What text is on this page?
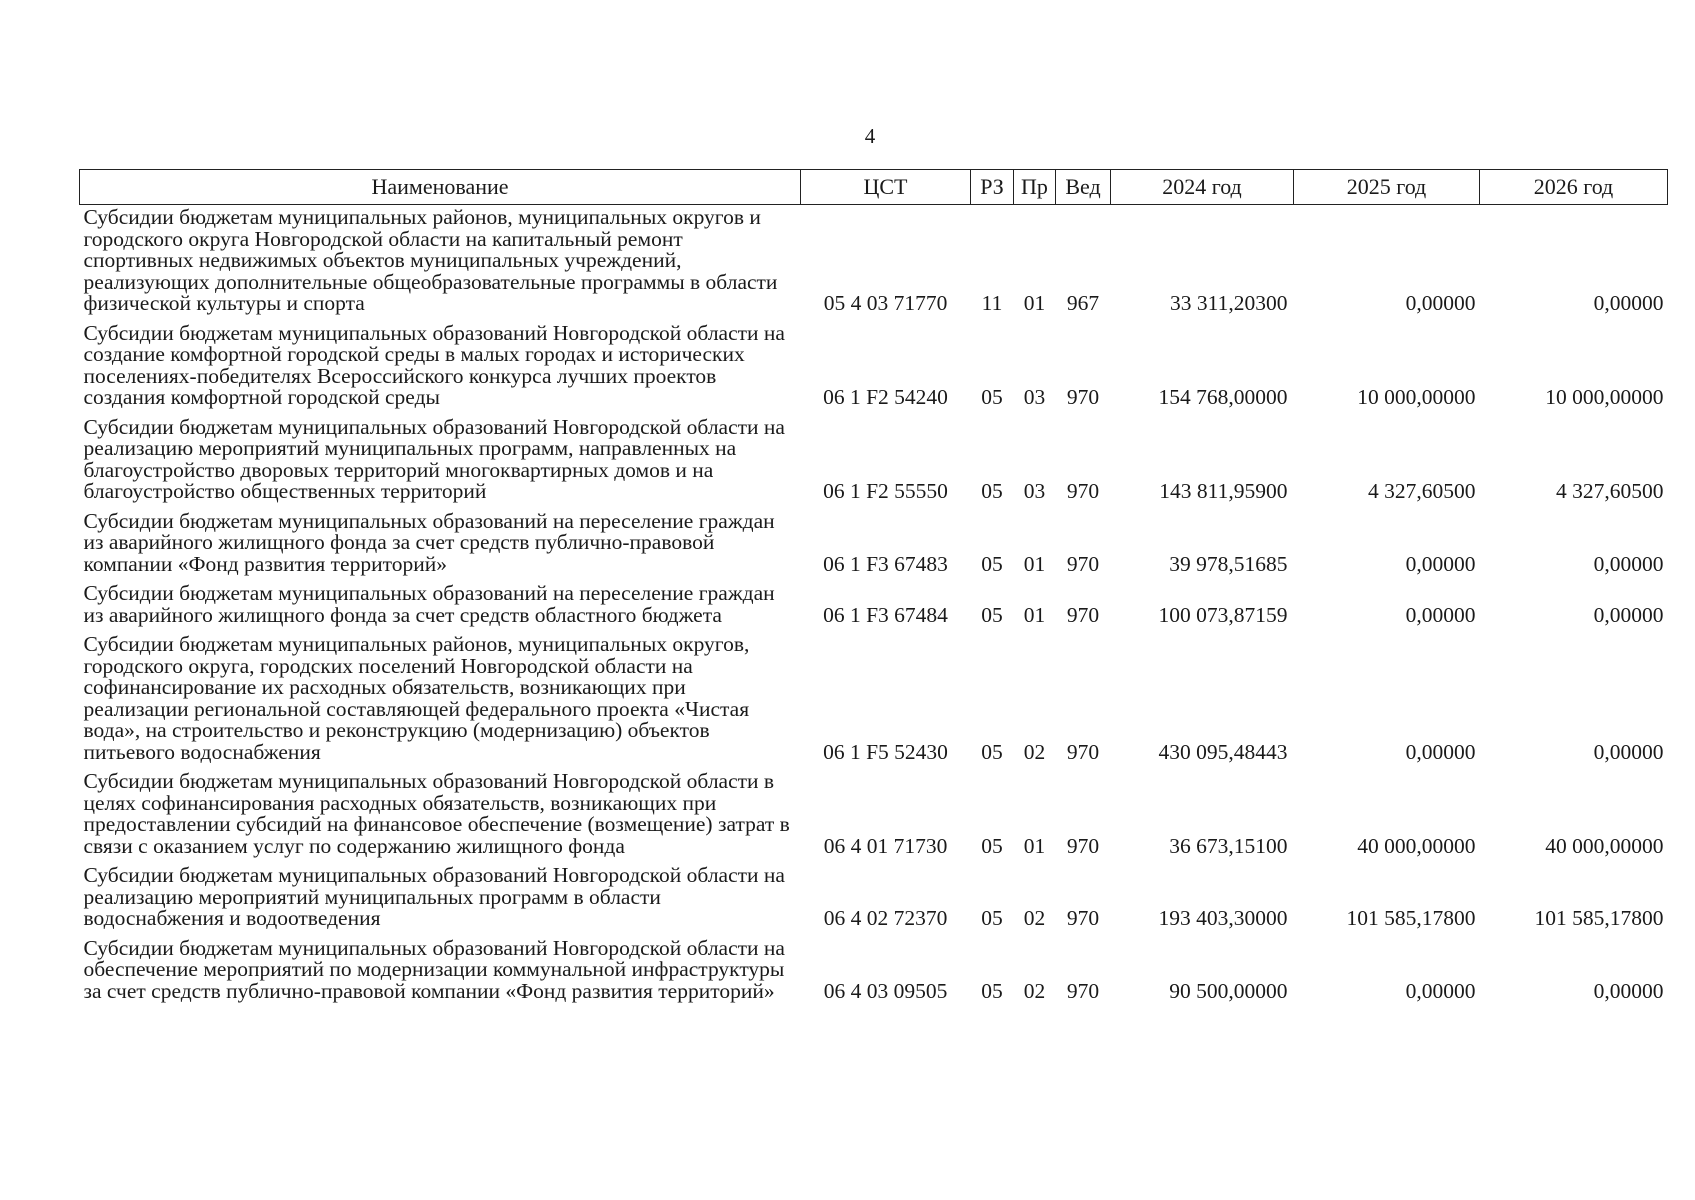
4
Наименование	ЦСТ	РЗ	Пр	Вед	2024 год	2025 год	2026 год
Субсидии бюджетам муниципальных районов, муниципальных округов и городского округа Новгородской области на капитальный ремонт спортивных недвижимых объектов муниципальных учреждений, реализующих дополнительные общеобразовательные программы в области физической культуры и спорта	05 4 03 71770	11	01	967	33 311,20300	0,00000	0,00000
Субсидии бюджетам муниципальных образований Новгородской области на создание комфортной городской среды в малых городах и исторических поселениях-победителях Всероссийского конкурса лучших проектов создания комфортной городской среды	06 1 F2 54240	05	03	970	154 768,00000	10 000,00000	10 000,00000
Субсидии бюджетам муниципальных образований Новгородской области на реализацию мероприятий муниципальных программ, направленных на благоустройство дворовых территорий многоквартирных домов и на благоустройство общественных территорий	06 1 F2 55550	05	03	970	143 811,95900	4 327,60500	4 327,60500
Субсидии бюджетам муниципальных образований на переселение граждан из аварийного жилищного фонда за счет средств публично-правовой компании «Фонд развития территорий»	06 1 F3 67483	05	01	970	39 978,51685	0,00000	0,00000
Субсидии бюджетам муниципальных образований на переселение граждан из аварийного жилищного фонда за счет средств областного бюджета	06 1 F3 67484	05	01	970	100 073,87159	0,00000	0,00000
Субсидии бюджетам муниципальных районов, муниципальных округов, городского округа, городских поселений Новгородской области на софинансирование их расходных обязательств, возникающих при реализации региональной составляющей федерального проекта «Чистая вода», на строительство и реконструкцию (модернизацию) объектов питьевого водоснабжения	06 1 F5 52430	05	02	970	430 095,48443	0,00000	0,00000
Субсидии бюджетам муниципальных образований Новгородской области в целях софинансирования расходных обязательств, возникающих при предоставлении субсидий на финансовое обеспечение (возмещение) затрат в связи с оказанием услуг по содержанию жилищного фонда	06 4 01 71730	05	01	970	36 673,15100	40 000,00000	40 000,00000
Субсидии бюджетам муниципальных образований Новгородской области на реализацию мероприятий муниципальных программ в области водоснабжения и водоотведения	06 4 02 72370	05	02	970	193 403,30000	101 585,17800	101 585,17800
Субсидии бюджетам муниципальных образований Новгородской области на обеспечение мероприятий по модернизации коммунальной инфраструктуры за счет средств публично-правовой компании «Фонд развития территорий»	06 4 03 09505	05	02	970	90 500,00000	0,00000	0,00000
